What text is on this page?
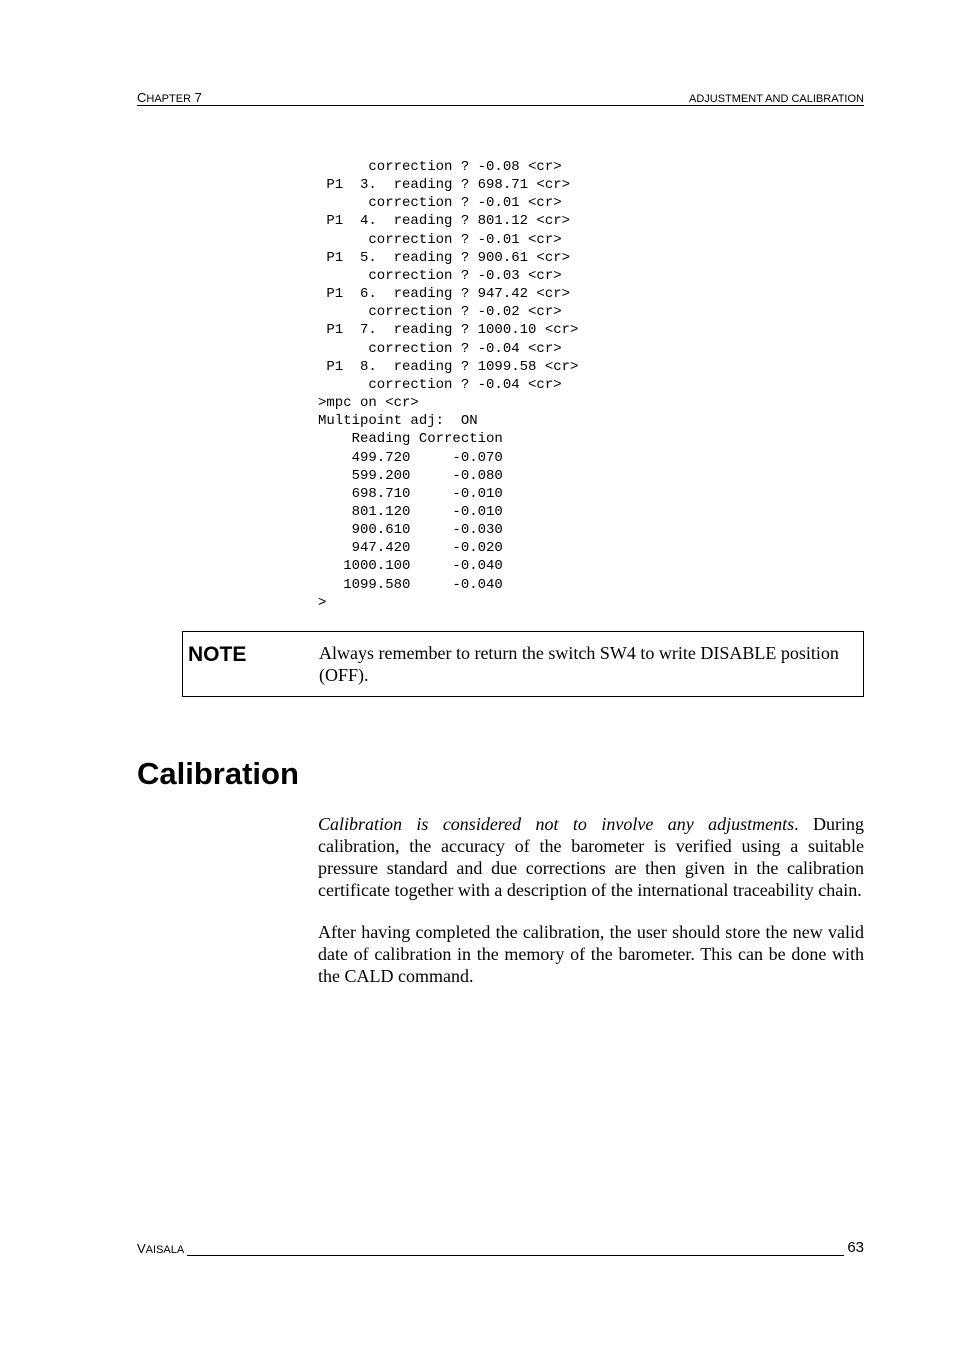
CHAPTER 7	ADJUSTMENT AND CALIBRATION
correction ? -0.08 <cr>
P1  3.  reading ? 698.71 <cr>
correction ? -0.01 <cr>
P1  4.  reading ? 801.12 <cr>
correction ? -0.01 <cr>
P1  5.  reading ? 900.61 <cr>
correction ? -0.03 <cr>
P1  6.  reading ? 947.42 <cr>
correction ? -0.02 <cr>
P1  7.  reading ? 1000.10 <cr>
correction ? -0.04 <cr>
P1  8.  reading ? 1099.58 <cr>
correction ? -0.04 <cr>
>mpc on <cr>
Multipoint adj:  ON
Reading Correction
499.720     -0.070
599.200     -0.080
698.710     -0.010
801.120     -0.010
900.610     -0.030
947.420     -0.020
1000.100     -0.040
1099.580     -0.040
>
NOTE	Always remember to return the switch SW4 to write DISABLE position (OFF).
Calibration

Calibration is considered not to involve any adjustments. During calibration, the accuracy of the barometer is verified using a suitable pressure standard and due corrections are then given in the calibration certificate together with a description of the international traceability chain.

After having completed the calibration, the user should store the new valid date of calibration in the memory of the barometer. This can be done with the CALD command.

VAISALA	63
